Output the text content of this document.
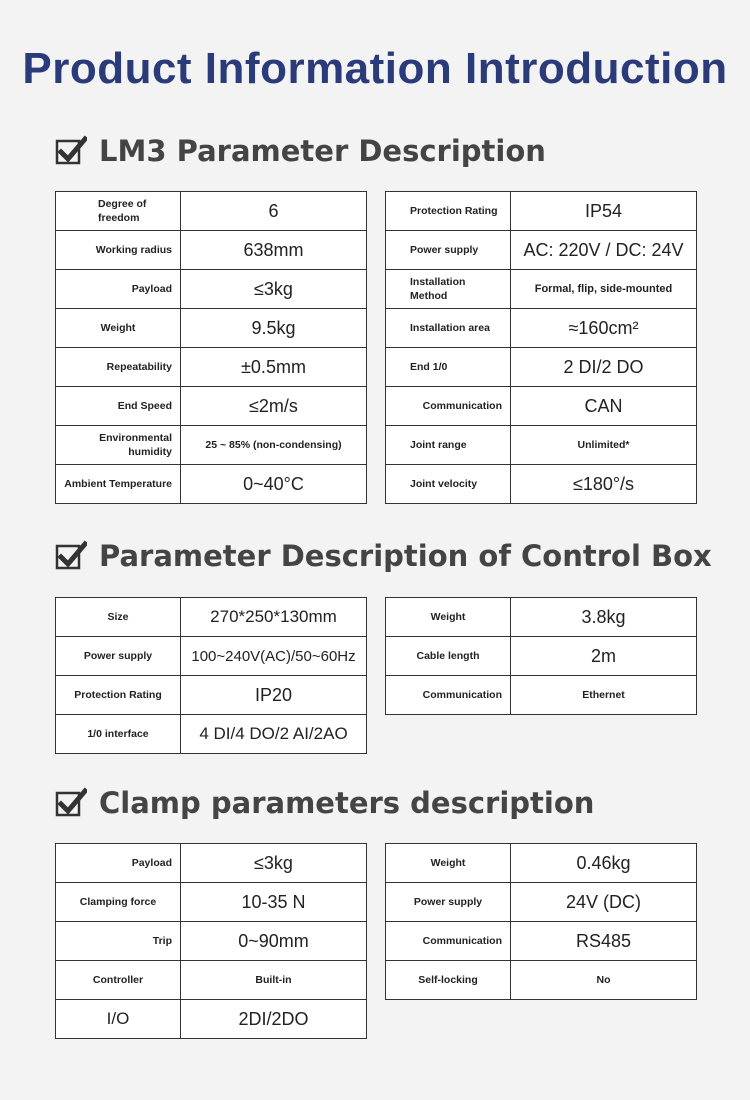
Product Information Introduction
LM3 Parameter Description
Degree of freedom	6
Working radius	638mm
Payload	≤3kg
Weight	9.5kg
Repeatability	±0.5mm
End Speed	≤2m/s
Environmental humidity	25 ~ 85% (non-condensing)
Ambient Temperature	0~40°C
Protection Rating	IP54
Power supply	AC: 220V / DC: 24V
Installation Method	Formal, flip, side-mounted
Installation area	≈160cm²
End 1/0	2 DI/2 DO
Communication	CAN
Joint range	Unlimited*
Joint velocity	≤180°/s
Parameter Description of Control Box
Size	270*250*130mm
Power supply	100~240V(AC)/50~60Hz
Protection Rating	IP20
1/0 interface	4 DI/4 DO/2 AI/2AO
Weight	3.8kg
Cable length	2m
Communication	Ethernet
Clamp parameters description
Payload	≤3kg
Clamping force	10-35 N
Trip	0~90mm
Controller	Built-in
I/O	2DI/2DO
Weight	0.46kg
Power supply	24V (DC)
Communication	RS485
Self-locking	No
